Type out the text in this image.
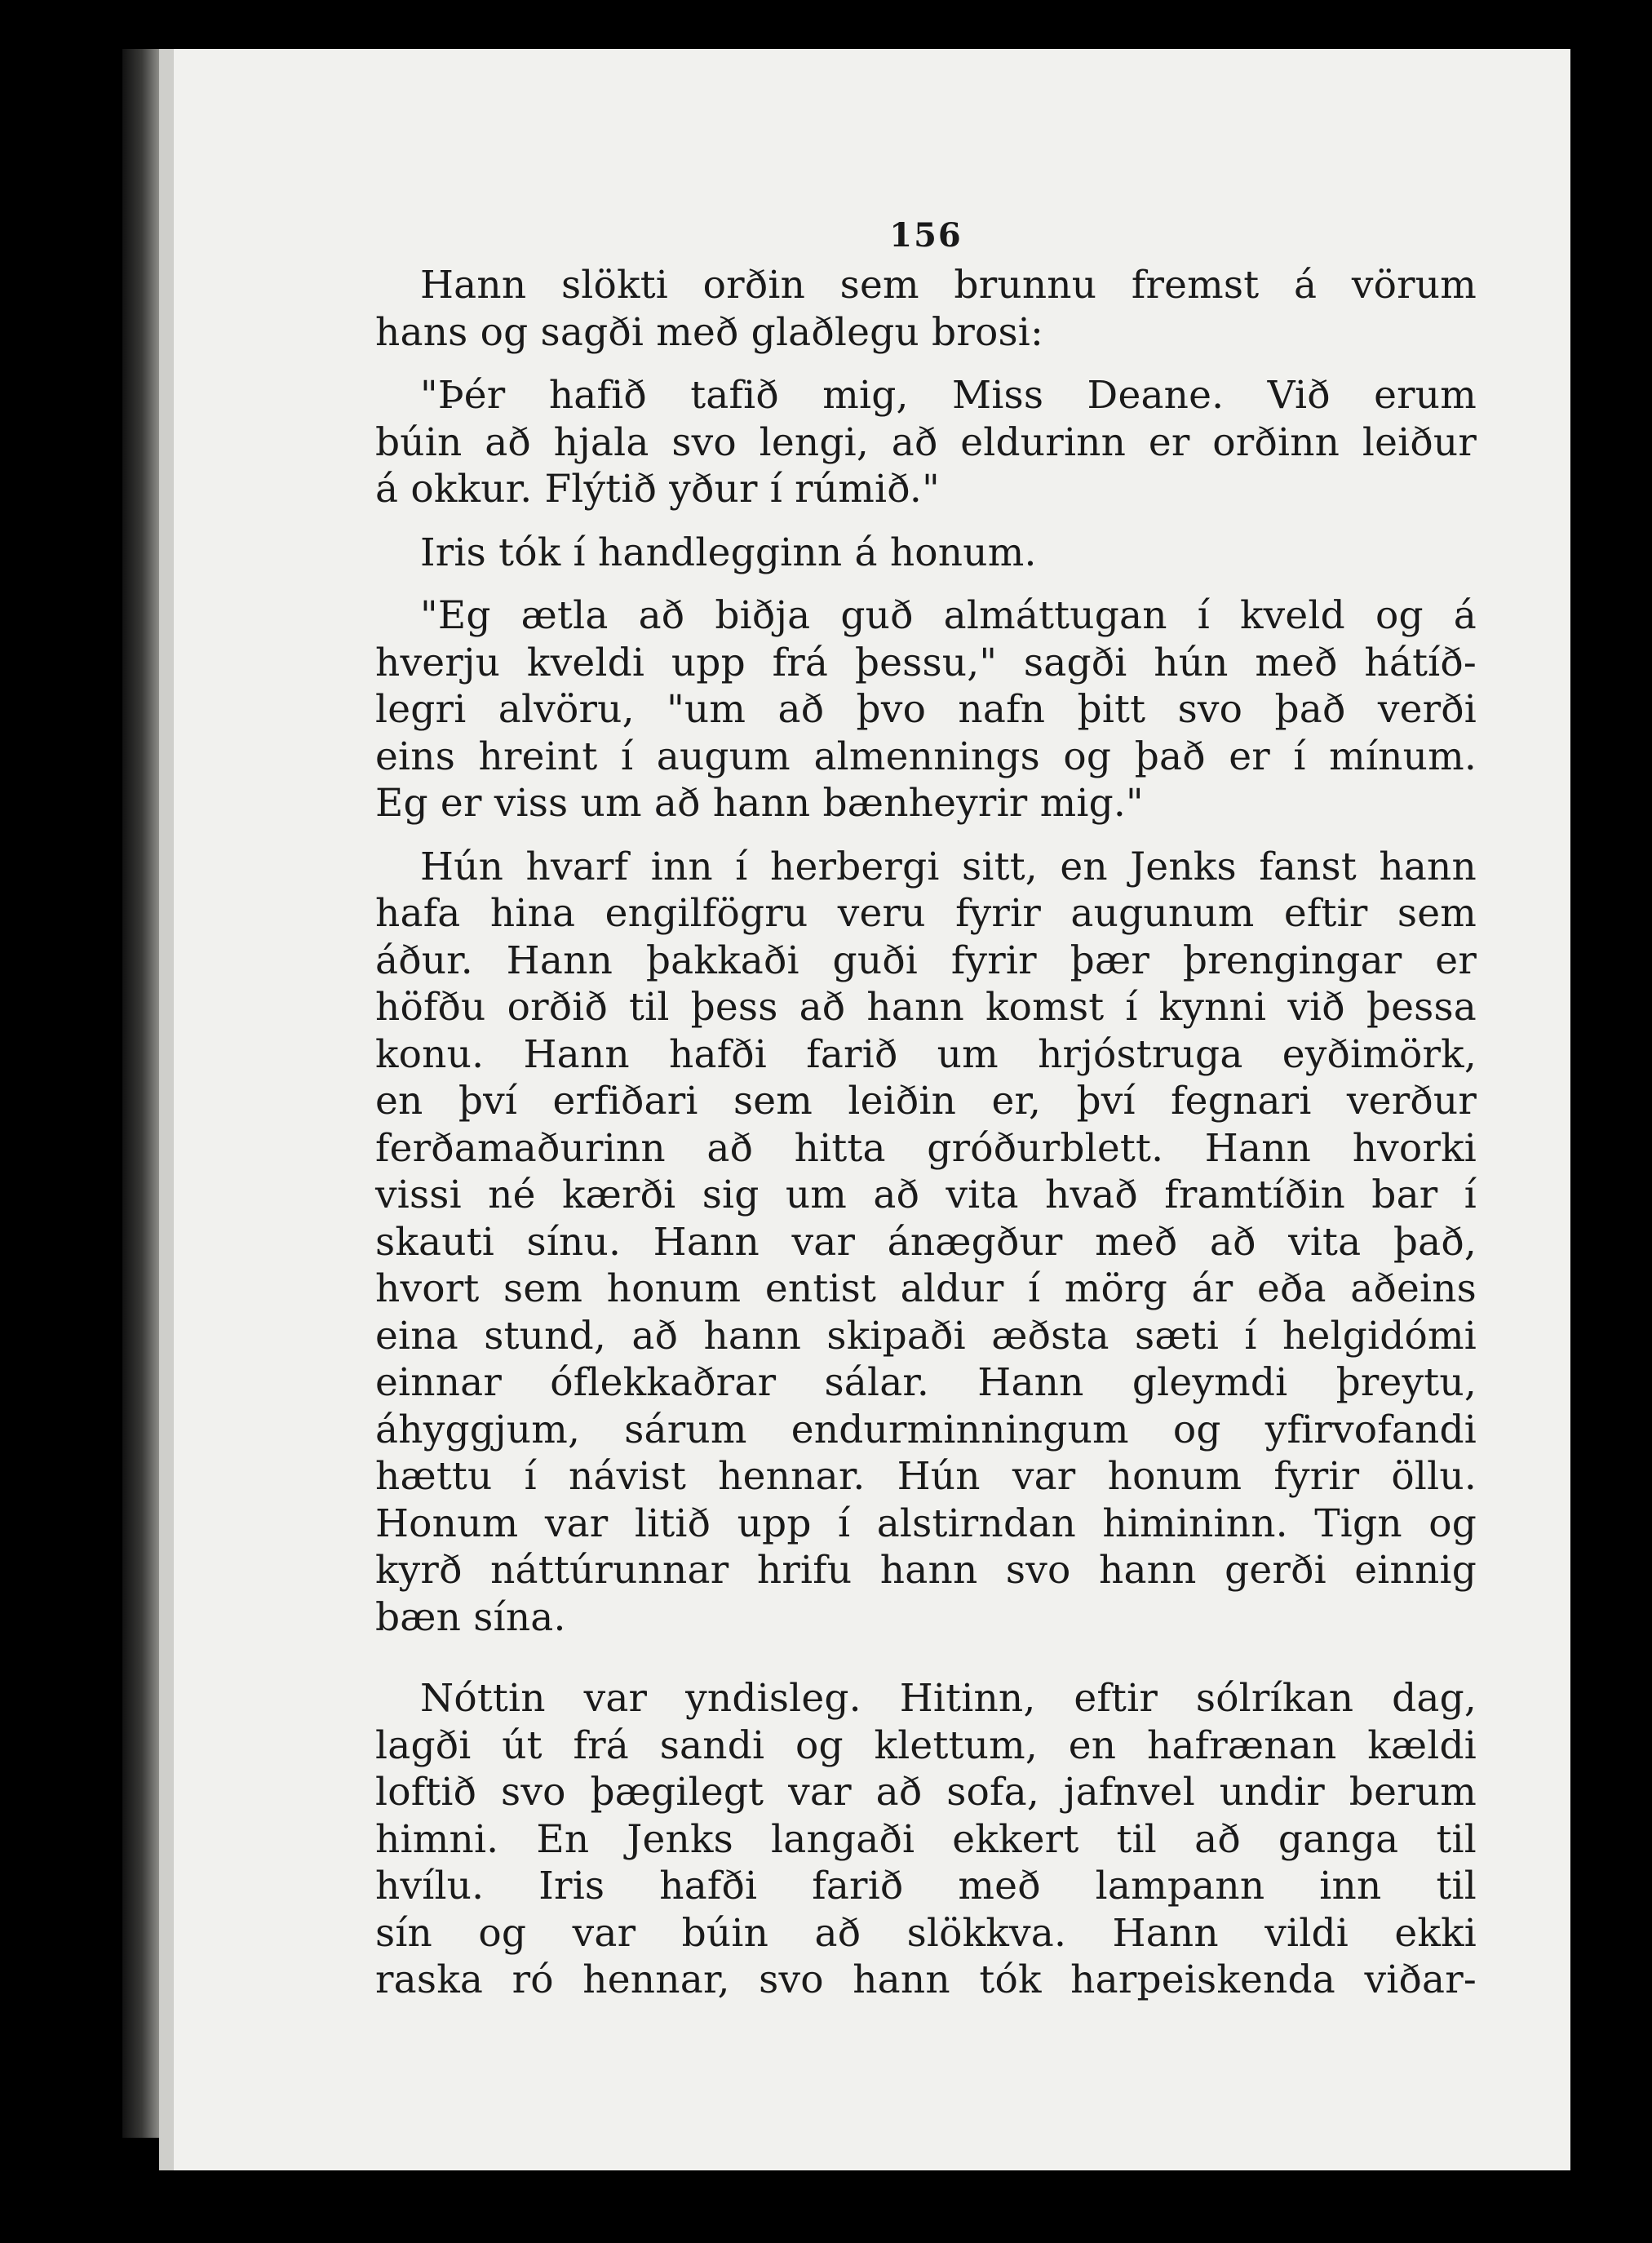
156
Hann slökti orðin sem brunnu fremst á vörum
hans og sagði með glaðlegu brosi:
"Þér hafið tafið mig, Miss Deane. Við erum
búin að hjala svo lengi, að eldurinn er orðinn leiður
á okkur. Flýtið yður í rúmið."
Iris tók í handlegginn á honum.
"Eg ætla að biðja guð almáttugan í kveld og á
hverju kveldi upp frá þessu," sagði hún með hátíð-
legri alvöru, "um að þvo nafn þitt svo það verði
eins hreint í augum almennings og það er í mínum.
Eg er viss um að hann bænheyrir mig."
Hún hvarf inn í herbergi sitt, en Jenks fanst hann
hafa hina engilfögru veru fyrir augunum eftir sem
áður. Hann þakkaði guði fyrir þær þrengingar er
höfðu orðið til þess að hann komst í kynni við þessa
konu. Hann hafði farið um hrjóstruga eyðimörk,
en því erfiðari sem leiðin er, því fegnari verður
ferðamaðurinn að hitta gróðurblett. Hann hvorki
vissi né kærði sig um að vita hvað framtíðin bar í
skauti sínu. Hann var ánægður með að vita það,
hvort sem honum entist aldur í mörg ár eða aðeins
eina stund, að hann skipaði æðsta sæti í helgidómi
einnar óflekkaðrar sálar. Hann gleymdi þreytu,
áhyggjum, sárum endurminningum og yfirvofandi
hættu í návist hennar. Hún var honum fyrir öllu.
Honum var litið upp í alstirndan himininn. Tign og
kyrð náttúrunnar hrifu hann svo hann gerði einnig
bæn sína.
Nóttin var yndisleg. Hitinn, eftir sólríkan dag,
lagði út frá sandi og klettum, en hafrænan kældi
loftið svo þægilegt var að sofa, jafnvel undir berum
himni. En Jenks langaði ekkert til að ganga til
hvílu. Iris hafði farið með lampann inn til
sín og var búin að slökkva. Hann vildi ekki
raska ró hennar, svo hann tók harpeiskenda viðar-
